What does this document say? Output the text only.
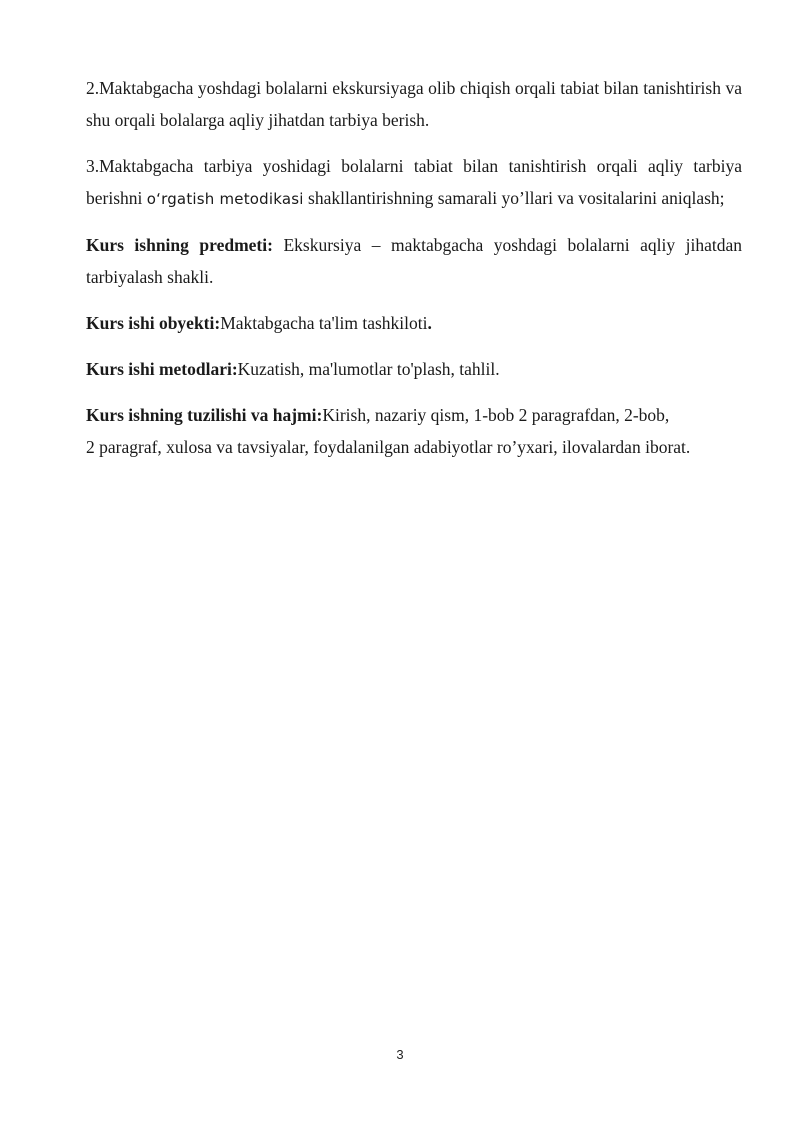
2.Maktabgacha yoshdagi bolalarni ekskursiyaga olib chiqish orqali tabiat bilan tanishtirish va shu orqali bolalarga aqliy jihatdan tarbiya berish.

3.Maktabgacha tarbiya yoshidagi bolalarni tabiat bilan tanishtirish orqali aqliy tarbiya berishni o‘rgatish metodikasi shakllantirishning samarali yo’llari va vositalarini aniqlash;

Kurs ishning predmeti: Ekskursiya – maktabgacha yoshdagi bolalarni aqliy jihatdan tarbiyalash shakli.

Kurs ishi obyekti:Maktabgacha ta'lim tashkiloti.

Kurs ishi metodlari:Kuzatish, ma'lumotlar to'plash, tahlil.

Kurs ishning tuzilishi va hajmi:Kirish, nazariy qism, 1-bob 2 paragrafdan, 2-bob,

2 paragraf, xulosa va tavsiyalar, foydalanilgan adabiyotlar ro’yxari, ilovalardan iborat.

3
